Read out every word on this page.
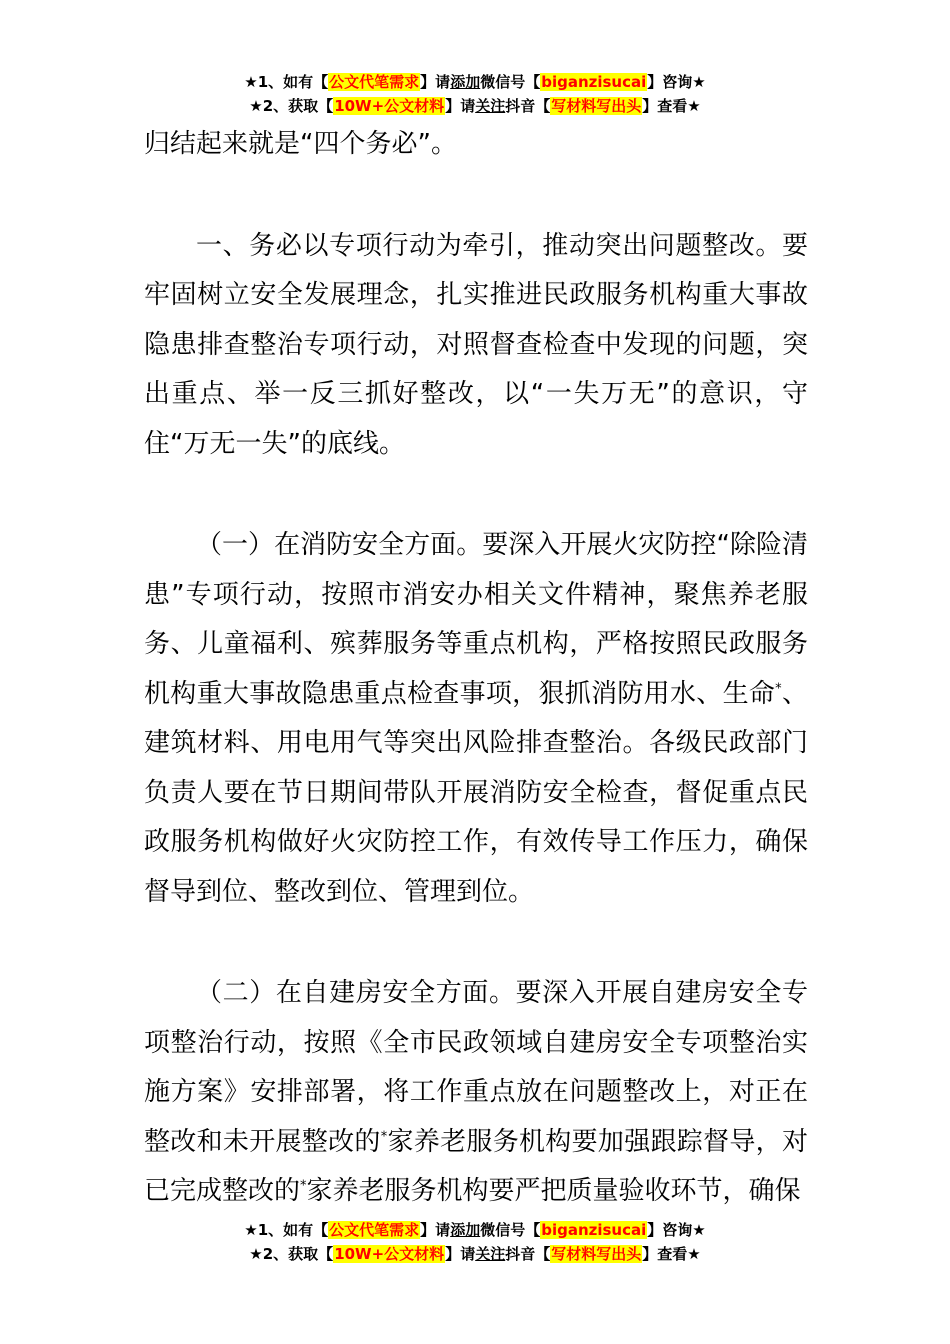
★1、如有【公文代笔需求】请添加微信号【biganzisucai】咨询★
★2、获取【10W+公文材料】请关注抖音【写材料写出头】查看★

归结起来就是“四个务必”。

一、务必以专项行动为牵引，推动突出问题整改。要牢固树立安全发展理念，扎实推进民政服务机构重大事故隐患排查整治专项行动，对照督查检查中发现的问题，突出重点、举一反三抓好整改，以“一失万无”的意识，守住“万无一失”的底线。

（一）在消防安全方面。要深入开展火灾防控“除险清患”专项行动，按照市消安办相关文件精神，聚焦养老服务、儿童福利、殡葬服务等重点机构，严格按照民政服务机构重大事故隐患重点检查事项，狠抓消防用水、生命*、建筑材料、用电用气等突出风险排查整治。各级民政部门负责人要在节日期间带队开展消防安全检查，督促重点民政服务机构做好火灾防控工作，有效传导工作压力，确保督导到位、整改到位、管理到位。

（二）在自建房安全方面。要深入开展自建房安全专项整治行动，按照《全市民政领域自建房安全专项整治实施方案》安排部署，将工作重点放在问题整改上，对正在整改和未开展整改的*家养老服务机构要加强跟踪督导，对已完成整改的*家养老服务机构要严把质量验收环节，确保

★1、如有【公文代笔需求】请添加微信号【biganzisucai】咨询★
★2、获取【10W+公文材料】请关注抖音【写材料写出头】查看★
